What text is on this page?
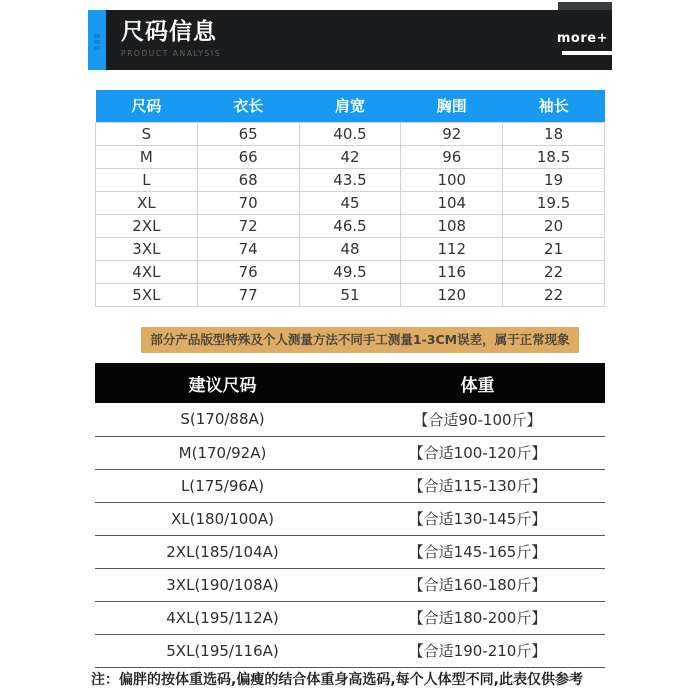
尺码信息
PRODUCT ANALYSIS
more+
尺码	衣长	肩宽	胸围	袖长
S	65	40.5	92	18
M	66	42	96	18.5
L	68	43.5	100	19
XL	70	45	104	19.5
2XL	72	46.5	108	20
3XL	74	48	112	21
4XL	76	49.5	116	22
5XL	77	51	120	22
部分产品版型特殊及个人测量方法不同手工测量1-3CM误差，属于正常现象
建议尺码	体重
S(170/88A)	【合适90-100斤】
M(170/92A)	【合适100-120斤】
L(175/96A)	【合适115-130斤】
XL(180/100A)	【合适130-145斤】
2XL(185/104A)	【合适145-165斤】
3XL(190/108A)	【合适160-180斤】
4XL(195/112A)	【合适180-200斤】
5XL(195/116A)	【合适190-210斤】
注：偏胖的按体重选码,偏瘦的结合体重身高选码,每个人体型不同,此表仅供参考
